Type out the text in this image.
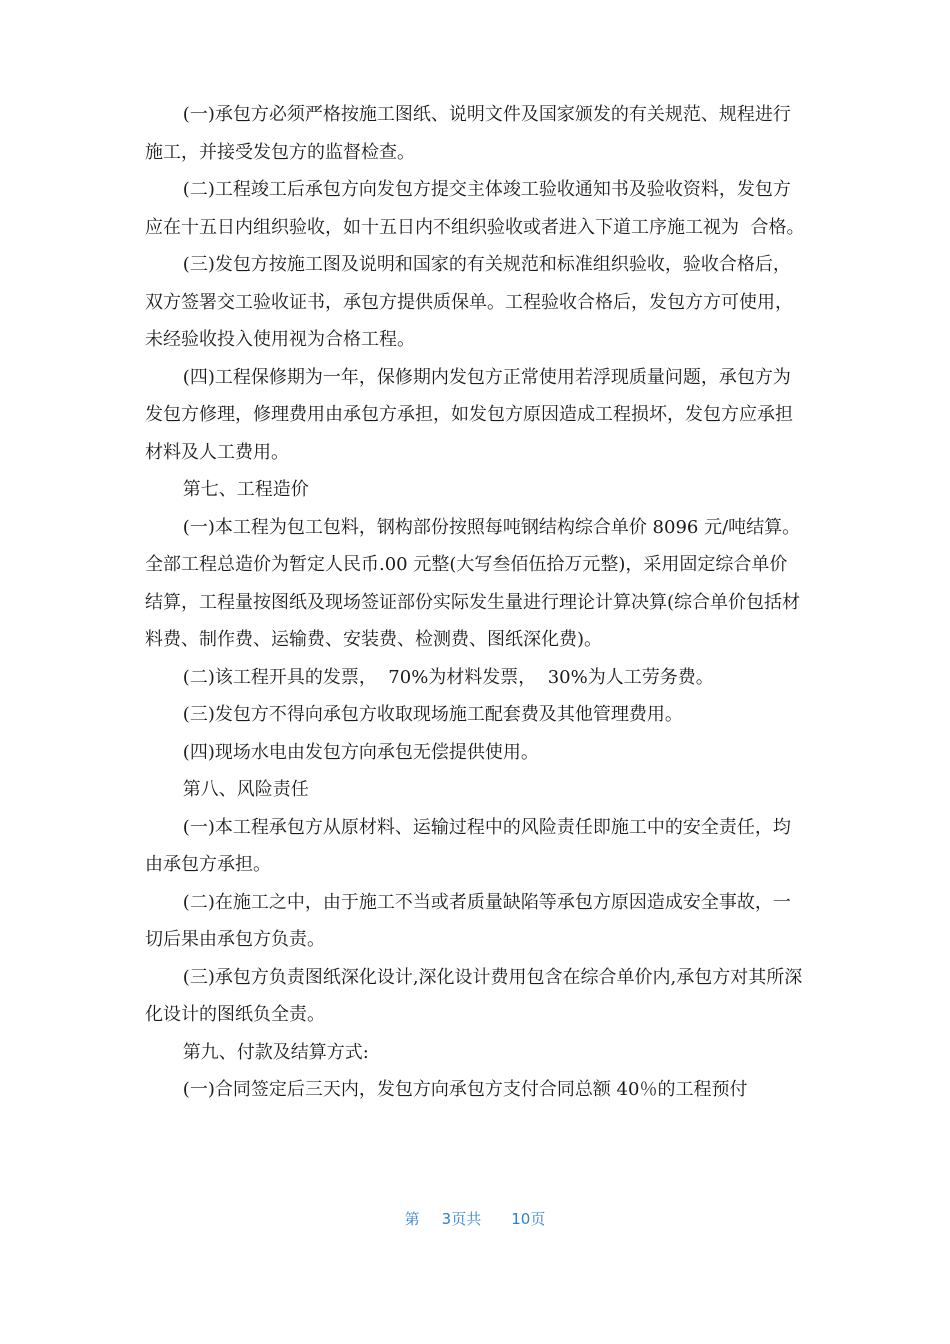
(一)承包方必须严格按施工图纸、说明文件及国家颁发的有关规范、规程进行施工，并接受发包方的监督检查。

(二)工程竣工后承包方向发包方提交主体竣工验收通知书及验收资料，发包方应在十五日内组织验收，如十五日内不组织验收或者进入下道工序施工视为  合格。

(三)发包方按施工图及说明和国家的有关规范和标准组织验收，验收合格后，双方签署交工验收证书，承包方提供质保单。工程验收合格后，发包方方可使用，未经验收投入使用视为合格工程。

(四)工程保修期为一年，保修期内发包方正常使用若浮现质量问题，承包方为发包方修理，修理费用由承包方承担，如发包方原因造成工程损坏，发包方应承担材料及人工费用。

第七、工程造价

(一)本工程为包工包料，钢构部份按照每吨钢结构综合单价 8096 元/吨结算。全部工程总造价为暂定人民币.00 元整(大写叁佰伍拾万元整)，采用固定综合单价结算，工程量按图纸及现场签证部份实际发生量进行理论计算决算(综合单价包括材料费、制作费、运输费、安装费、检测费、图纸深化费)。

(二)该工程开具的发票，  70%为材料发票，  30%为人工劳务费。

(三)发包方不得向承包方收取现场施工配套费及其他管理费用。

(四)现场水电由发包方向承包无偿提供使用。

第八、风险责任

(一)本工程承包方从原材料、运输过程中的风险责任即施工中的安全责任，均由承包方承担。

(二)在施工之中，由于施工不当或者质量缺陷等承包方原因造成安全事故，一切后果由承包方负责。

(三)承包方负责图纸深化设计,深化设计费用包含在综合单价内,承包方对其所深化设计的图纸负全责。

第九、付款及结算方式:

(一)合同签定后三天内，发包方向承包方支付合同总额 40％的工程预付

第 3页共 10页
